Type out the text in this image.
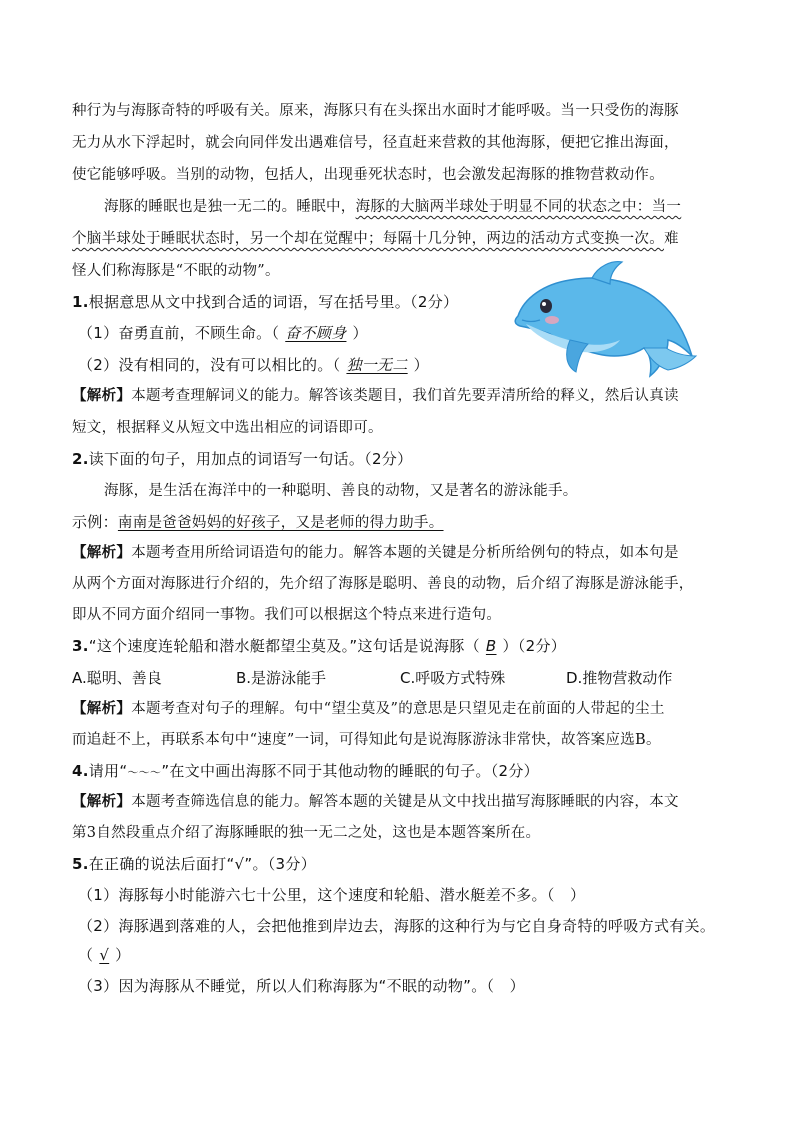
种行为与海豚奇特的呼吸有关。原来，海豚只有在头探出水面时才能呼吸。当一只受伤的海豚
无力从水下浮起时，就会向同伴发出遇难信号，径直赶来营救的其他海豚，便把它推出海面，
使它能够呼吸。当别的动物，包括人，出现垂死状态时，也会激发起海豚的推物营救动作。
海豚的睡眠也是独一无二的。睡眠中，海豚的大脑两半球处于明显不同的状态之中：当一
个脑半球处于睡眠状态时，另一个却在觉醒中；每隔十几分钟，两边的活动方式变换一次。难
怪人们称海豚是“不眠的动物”。
1.根据意思从文中找到合适的词语，写在括号里。（2分）
（1）奋勇直前，不顾生命。（ 奋不顾身 ）
（2）没有相同的，没有可以相比的。（ 独一无二 ）
【解析】本题考查理解词义的能力。解答该类题目，我们首先要弄清所给的释义，然后认真读
短文，根据释义从短文中选出相应的词语即可。
2.读下面的句子，用加点的词语写一句话。（2分）
海豚，是生活在海洋中的一种聪明、善良的动物，又是著名的游泳能手。
示例：南南是爸爸妈妈的好孩子，又是老师的得力助手。
【解析】本题考查用所给词语造句的能力。解答本题的关键是分析所给例句的特点，如本句是
从两个方面对海豚进行介绍的，先介绍了海豚是聪明、善良的动物，后介绍了海豚是游泳能手，
即从不同方面介绍同一事物。我们可以根据这个特点来进行造句。
3.“这个速度连轮船和潜水艇都望尘莫及。”这句话是说海豚（ B ）（2分）
A.聪明、善良	B.是游泳能手	C.呼吸方式特殊	D.推物营救动作
【解析】本题考查对句子的理解。句中“望尘莫及”的意思是只望见走在前面的人带起的尘土
而追赶不上，再联系本句中“速度”一词，可得知此句是说海豚游泳非常快，故答案应选B。
4.请用“～～～”在文中画出海豚不同于其他动物的睡眠的句子。（2分）
【解析】本题考查筛选信息的能力。解答本题的关键是从文中找出描写海豚睡眠的内容，本文
第3自然段重点介绍了海豚睡眠的独一无二之处，这也是本题答案所在。
5.在正确的说法后面打“√”。（3分）
（1）海豚每小时能游六七十公里，这个速度和轮船、潜水艇差不多。（　）
（2）海豚遇到落难的人，会把他推到岸边去，海豚的这种行为与它自身奇特的呼吸方式有关。
（ √ ）
（3）因为海豚从不睡觉，所以人们称海豚为“不眠的动物”。（　）
